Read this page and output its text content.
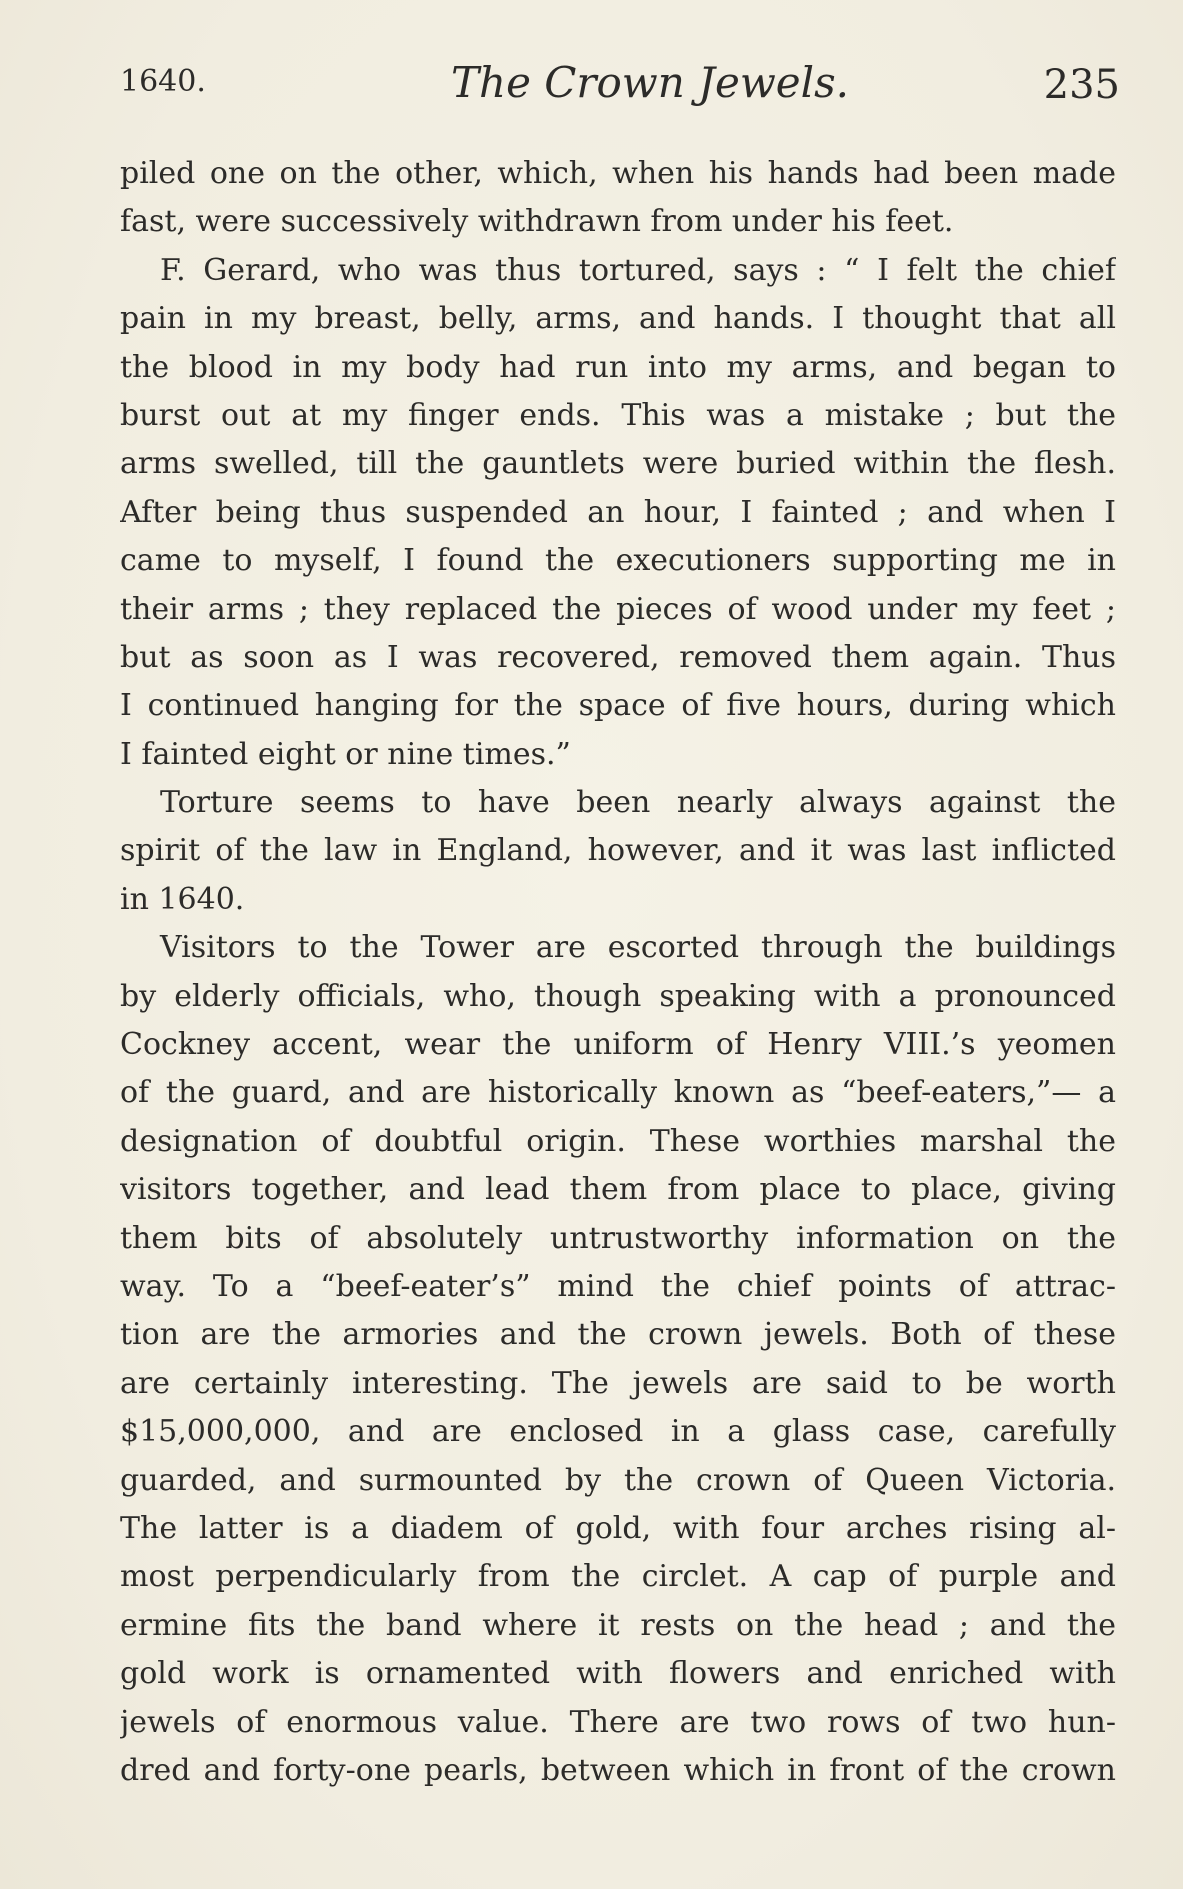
1640.	The Crown Jewels.	235
piled one on the other, which, when his hands had been made
fast, were successively withdrawn from under his feet.
F. Gerard, who was thus tortured, says : “ I felt the chief
pain in my breast, belly, arms, and hands. I thought that all
the blood in my body had run into my arms, and began to
burst out at my finger ends. This was a mistake ; but the
arms swelled, till the gauntlets were buried within the flesh.
After being thus suspended an hour, I fainted ; and when I
came to myself, I found the executioners supporting me in
their arms ; they replaced the pieces of wood under my feet ;
but as soon as I was recovered, removed them again. Thus
I continued hanging for the space of five hours, during which
I fainted eight or nine times.”
Torture seems to have been nearly always against the
spirit of the law in England, however, and it was last inflicted
in 1640.
Visitors to the Tower are escorted through the buildings
by elderly officials, who, though speaking with a pronounced
Cockney accent, wear the uniform of Henry VIII.’s yeomen
of the guard, and are historically known as “beef-eaters,”— a
designation of doubtful origin. These worthies marshal the
visitors together, and lead them from place to place, giving
them bits of absolutely untrustworthy information on the
way. To a “beef-eater’s” mind the chief points of attrac-
tion are the armories and the crown jewels. Both of these
are certainly interesting. The jewels are said to be worth
$15,000,000, and are enclosed in a glass case, carefully
guarded, and surmounted by the crown of Queen Victoria.
The latter is a diadem of gold, with four arches rising al-
most perpendicularly from the circlet. A cap of purple and
ermine fits the band where it rests on the head ; and the
gold work is ornamented with flowers and enriched with
jewels of enormous value. There are two rows of two hun-
dred and forty-one pearls, between which in front of the crown
